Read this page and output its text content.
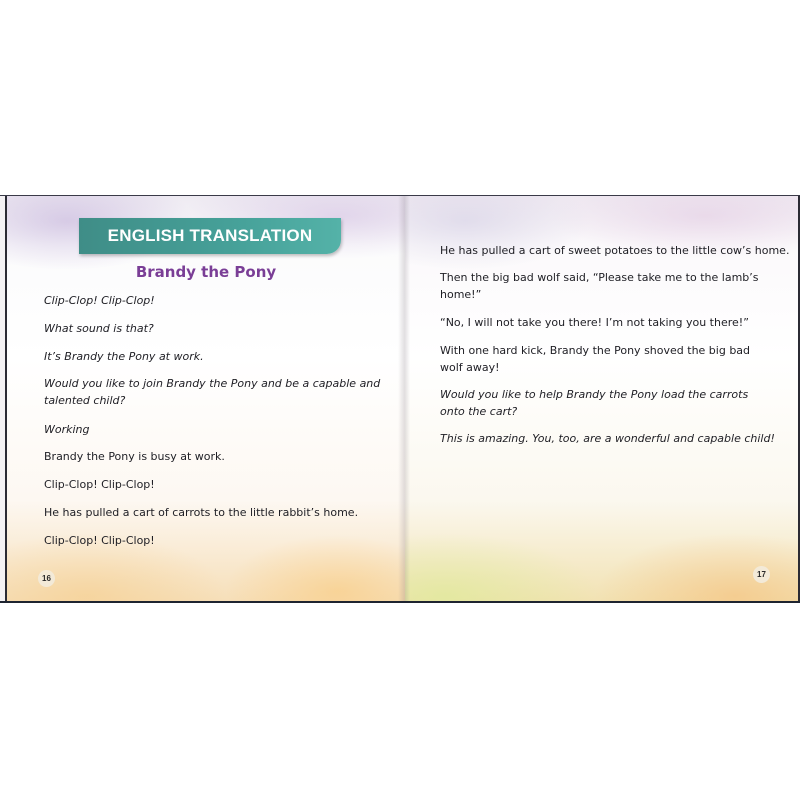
ENGLISH TRANSLATION
Brandy the Pony

Clip-Clop! Clip-Clop!

What sound is that?

It’s Brandy the Pony at work.

Would you like to join Brandy the Pony and be a capable and talented child?

Working

Brandy the Pony is busy at work.

Clip-Clop! Clip-Clop!

He has pulled a cart of carrots to the little rabbit’s home.

Clip-Clop! Clip-Clop!

16

He has pulled a cart of sweet potatoes to the little cow’s home.

Then the big bad wolf said, “Please take me to the lamb’s home!”

“No, I will not take you there! I’m not taking you there!”

With one hard kick, Brandy the Pony shoved the big bad wolf away!

Would you like to help Brandy the Pony load the carrots onto the cart?

This is amazing. You, too, are a wonderful and capable child!

17
